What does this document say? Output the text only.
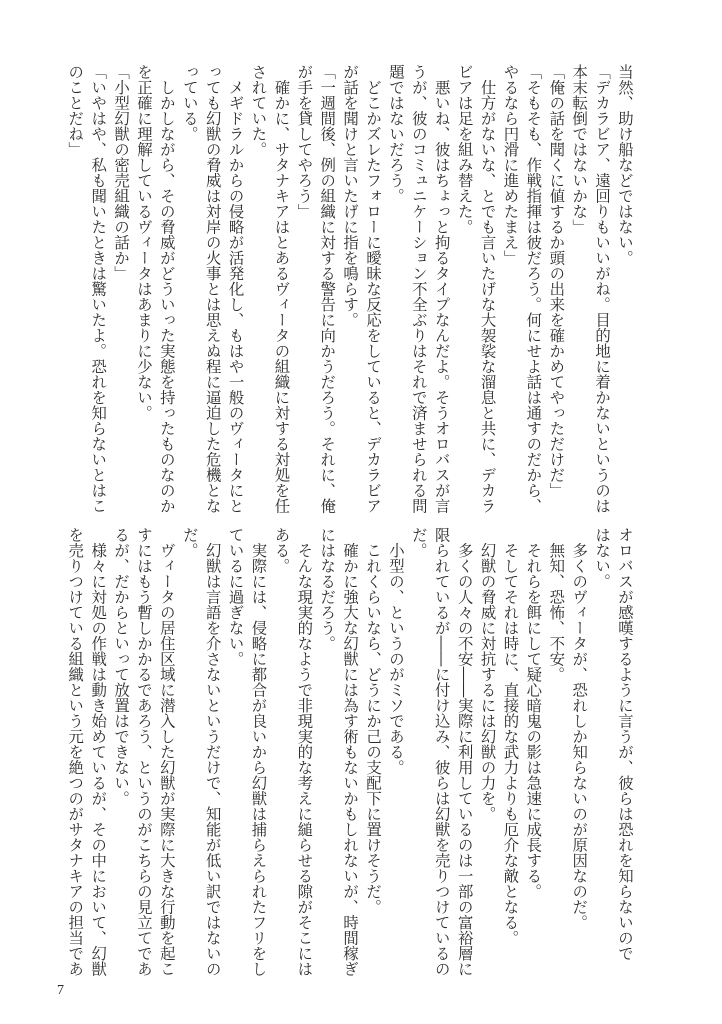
当然、助け船などではない。

「デカラビア、遠回りもいいがね。目的地に着かないというのは

本末転倒ではないかな」

「俺の話を聞くに値するか頭の出来を確かめてやっただけだ」

「そもそも、作戦指揮は彼だろう。何にせよ話は通すのだから、

やるなら円滑に進めたまえ」

　仕方がないな、とでも言いたげな大袈裟な溜息と共に、デカラ

ビアは足を組み替えた。

　悪いね、彼はちょっと拘るタイプなんだよ。そうオロバスが言

うが、彼のコミュニケーション不全ぶりはそれで済ませられる問

題ではないだろう。

　どこかズレたフォローに曖昧な反応をしていると、デカラビア

が話を聞けと言いたげに指を鳴らす。

「一週間後、例の組織に対する警告に向かうだろう。それに、俺

が手を貸してやろう」

　確かに、サタナキアはとあるヴィータの組織に対する対処を任

されていた。

　メギドラルからの侵略が活発化し、もはや一般のヴィータにと

っても幻獣の脅威は対岸の火事とは思えぬ程に逼迫した危機とな

っている。

　しかしながら、その脅威がどういった実態を持ったものなのか

を正確に理解しているヴィータはあまりに少ない。

「小型幻獣の密売組織の話か」

「いやはや、私も聞いたときは驚いたよ。恐れを知らないとはこ

のことだね」

オロバスが感嘆するように言うが、彼らは恐れを知らないので

はない。

　多くのヴィータが、恐れしか知らないのが原因なのだ。

　無知、恐怖、不安。

　それらを餌にして疑心暗鬼の影は急速に成長する。

　そしてそれは時に、直接的な武力よりも厄介な敵となる。

　幻獣の脅威に対抗するには幻獣の力を。

　多くの人々の不安――実際に利用しているのは一部の富裕層に

限られているが――に付け込み、彼らは幻獣を売りつけているの

だ。

　小型の、というのがミソである。

　これくらいなら、どうにか己の支配下に置けそうだ。

　確かに強大な幻獣には為す術もないかもしれないが、時間稼ぎ

にはなるだろう。

　そんな現実的なようで非現実的な考えに縋らせる隙がそこには

ある。

　実際には、侵略に都合が良いから幻獣は捕らえられたフリをし

ているに過ぎない。

　幻獣は言語を介さないというだけで、知能が低い訳ではないの

だ。

　ヴィータの居住区域に潜入した幻獣が実際に大きな行動を起こ

すにはもう暫しかかるであろう、というのがこちらの見立てであ

るが、だからといって放置はできない。

　様々に対処の作戦は動き始めているが、その中において、幻獣

を売りつけている組織という元を絶つのがサタナキアの担当であ

7
